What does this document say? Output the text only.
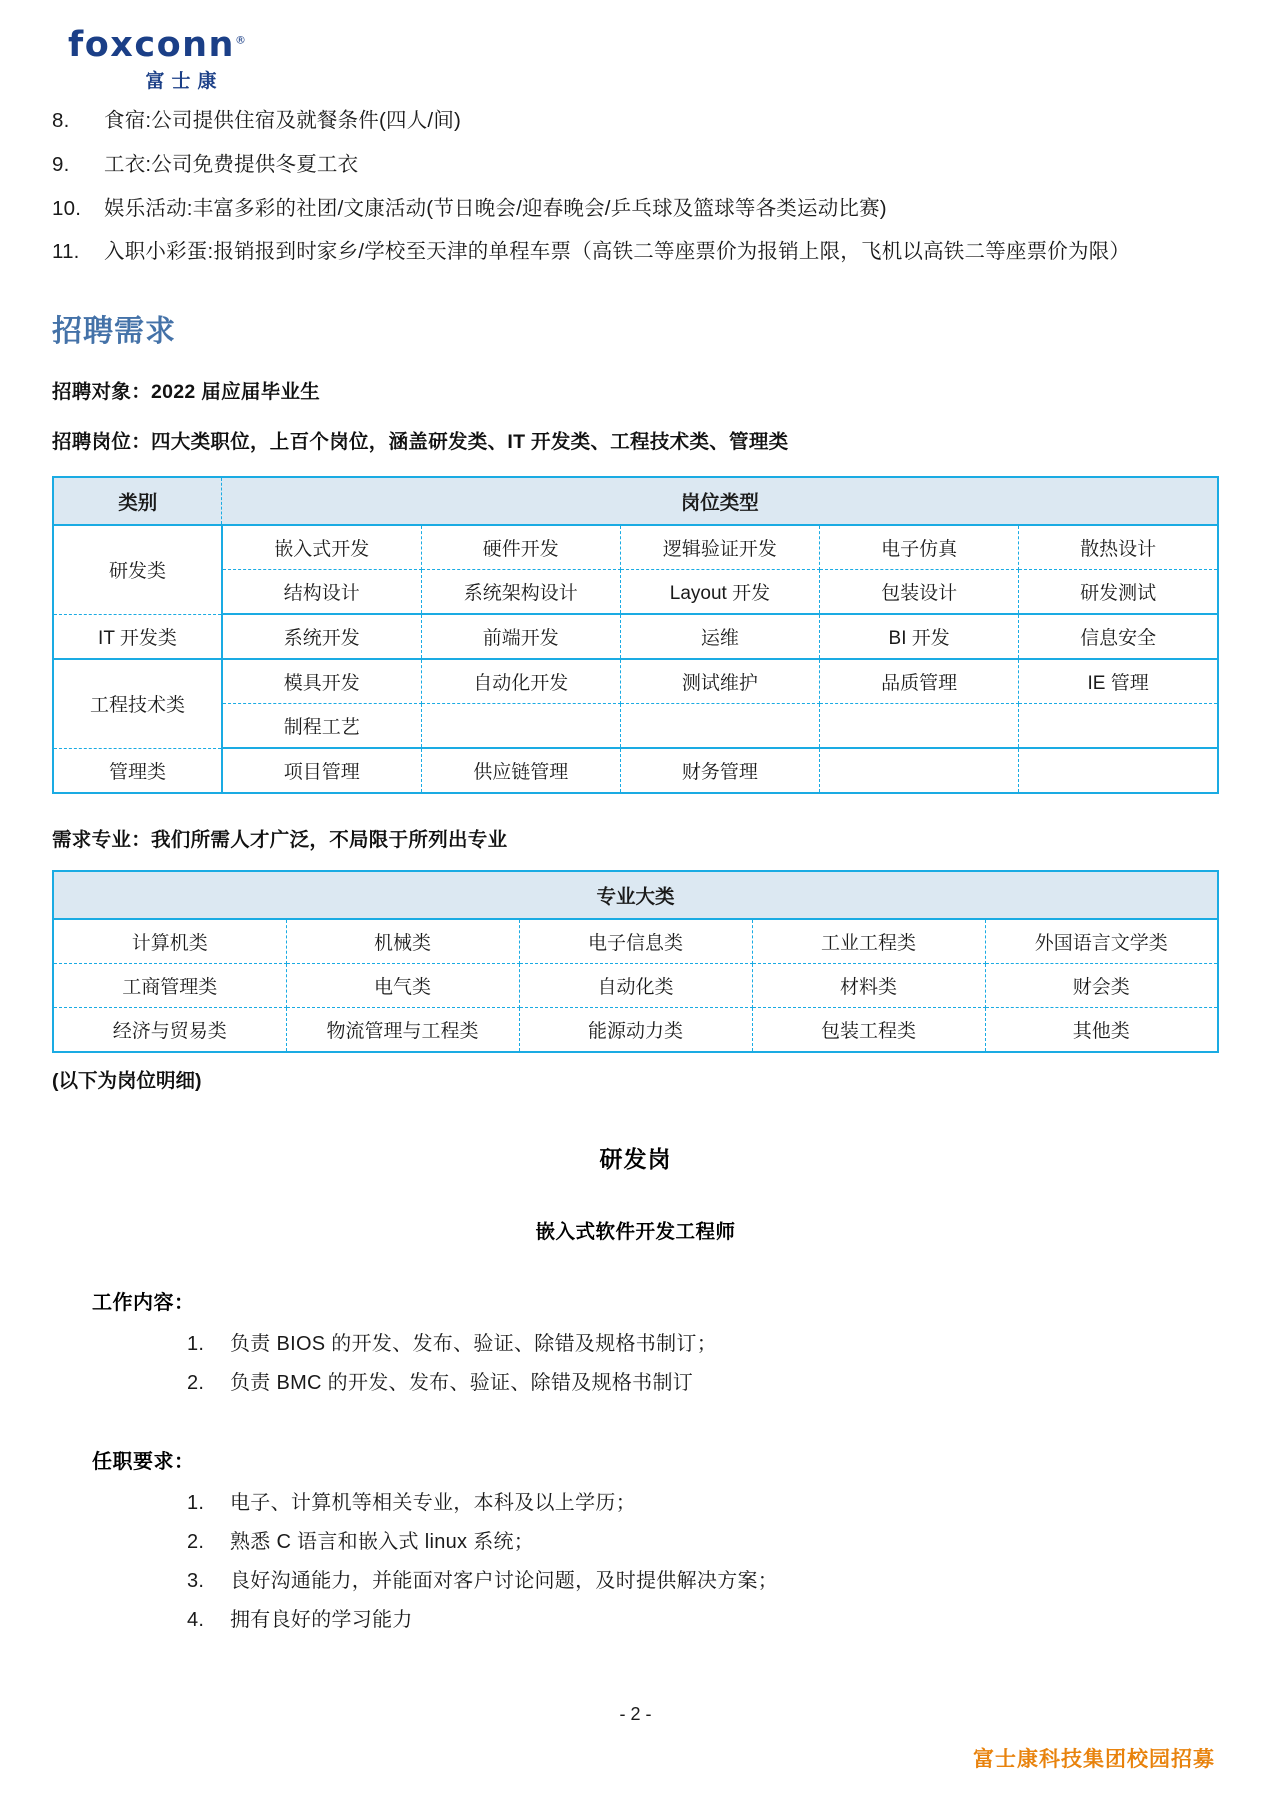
foxconn®
富士康
8.	食宿:公司提供住宿及就餐条件(四人/间)
9.	工衣:公司免费提供冬夏工衣
10.	娱乐活动:丰富多彩的社团/文康活动(节日晚会/迎春晚会/乒乓球及篮球等各类运动比赛)
11.	入职小彩蛋:报销报到时家乡/学校至天津的单程车票（高铁二等座票价为报销上限，飞机以高铁二等座票价为限）
招聘需求
招聘对象：2022 届应届毕业生
招聘岗位：四大类职位，上百个岗位，涵盖研发类、IT 开发类、工程技术类、管理类
类别	岗位类型				
研发类	嵌入式开发	硬件开发	逻辑验证开发	电子仿真	散热设计
	结构设计	系统架构设计	Layout 开发	包装设计	研发测试
IT 开发类	系统开发	前端开发	运维	BI 开发	信息安全
工程技术类	模具开发	自动化开发	测试维护	品质管理	IE 管理
	制程工艺				
管理类	项目管理	供应链管理	财务管理		
需求专业：我们所需人才广泛，不局限于所列出专业
专业大类				
计算机类	机械类	电子信息类	工业工程类	外国语言文学类
工商管理类	电气类	自动化类	材料类	财会类
经济与贸易类	物流管理与工程类	能源动力类	包装工程类	其他类
(以下为岗位明细)
研发岗
嵌入式软件开发工程师
工作内容：
1. 负责 BIOS 的开发、发布、验证、除错及规格书制订；
2. 负责 BMC 的开发、发布、验证、除错及规格书制订
任职要求：
1. 电子、计算机等相关专业，本科及以上学历；
2. 熟悉 C 语言和嵌入式 linux 系统；
3. 良好沟通能力，并能面对客户讨论问题，及时提供解决方案；
4. 拥有良好的学习能力
- 2 -
富士康科技集团校园招募
